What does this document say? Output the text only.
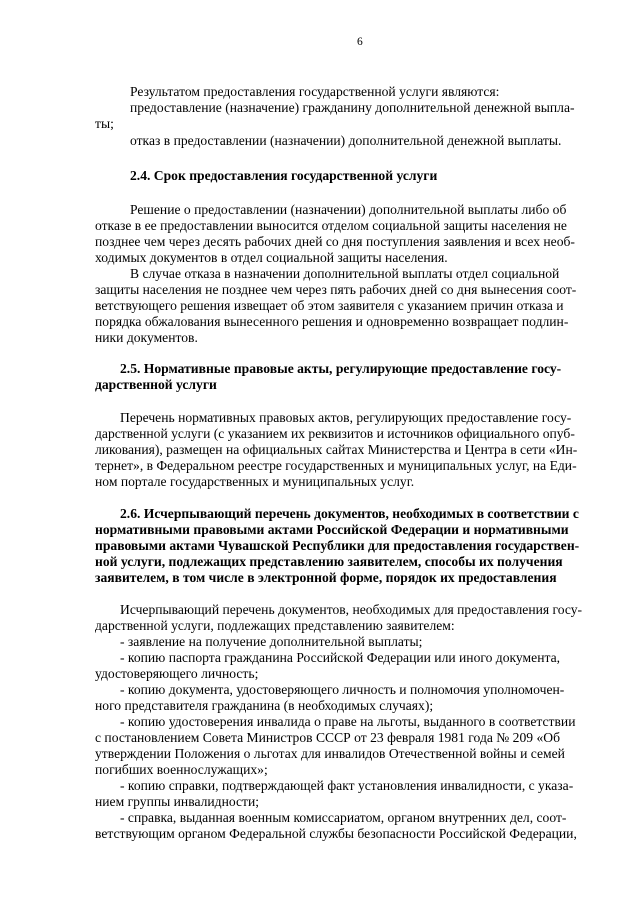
6
Результатом предоставления государственной услуги являются:
предоставление (назначение) гражданину дополнительной денежной выпла-
ты;
отказ в предоставлении (назначении) дополнительной денежной выплаты.
2.4. Срок предоставления государственной услуги
Решение о предоставлении (назначении) дополнительной выплаты либо об
отказе в ее предоставлении выносится отделом социальной защиты населения не
позднее чем через десять рабочих дней со дня поступления заявления и всех необ-
ходимых документов в отдел социальной защиты населения.
В случае отказа в назначении дополнительной выплаты отдел социальной
защиты населения не позднее чем через пять рабочих дней со дня вынесения соот-
ветствующего решения извещает об этом заявителя с указанием причин отказа и
порядка обжалования вынесенного решения и одновременно возвращает подлин-
ники документов.
2.5. Нормативные правовые акты, регулирующие предоставление госу-
дарственной услуги
Перечень нормативных правовых актов, регулирующих предоставление госу-
дарственной услуги (с указанием их реквизитов и источников официального опуб-
ликования), размещен на официальных сайтах Министерства и Центра в сети «Ин-
тернет», в Федеральном реестре государственных и муниципальных услуг, на Еди-
ном портале государственных и муниципальных услуг.
2.6. Исчерпывающий перечень документов, необходимых в соответствии с
нормативными правовыми актами Российской Федерации и нормативными
правовыми актами Чувашской Республики для предоставления государствен-
ной услуги, подлежащих представлению заявителем, способы их получения
заявителем, в том числе в электронной форме, порядок их предоставления
Исчерпывающий перечень документов, необходимых для предоставления госу-
дарственной услуги, подлежащих представлению заявителем:
- заявление на получение дополнительной выплаты;
- копию паспорта гражданина Российской Федерации или иного документа,
удостоверяющего личность;
- копию документа, удостоверяющего личность и полномочия уполномочен-
ного представителя гражданина (в необходимых случаях);
- копию удостоверения инвалида о праве на льготы, выданного в соответствии
с постановлением Совета Министров СССР от 23 февраля 1981 года № 209 «Об
утверждении Положения о льготах для инвалидов Отечественной войны и семей
погибших военнослужащих»;
- копию справки, подтверждающей факт установления инвалидности, с указа-
нием группы инвалидности;
- справка, выданная военным комиссариатом, органом внутренних дел, соот-
ветствующим органом Федеральной службы безопасности Российской Федерации,
